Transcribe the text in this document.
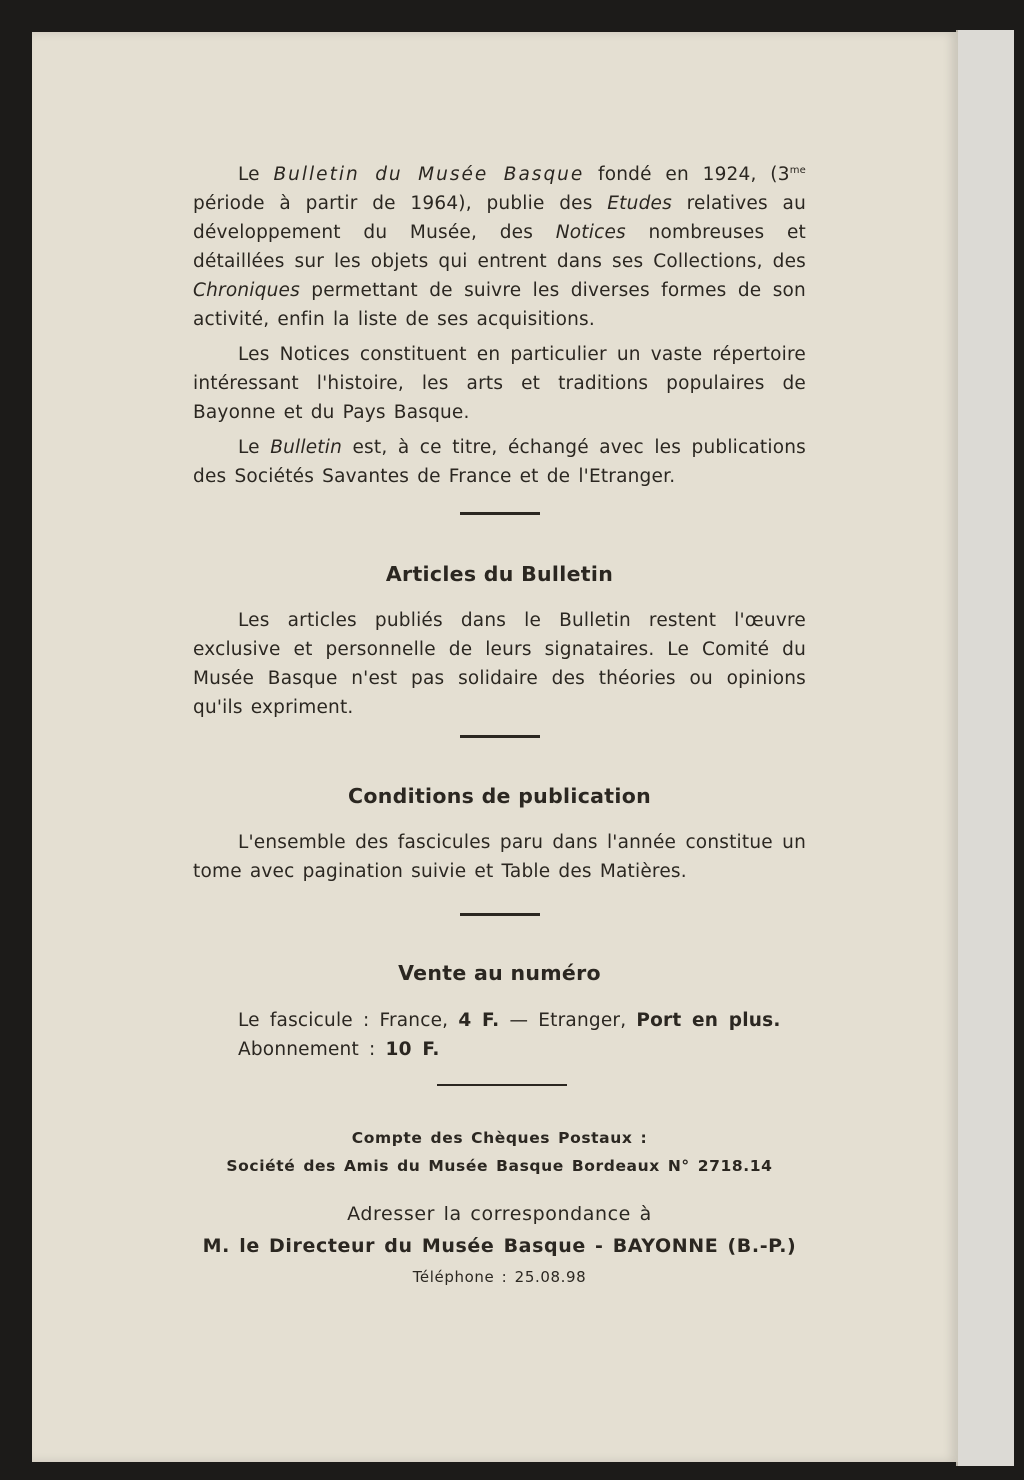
Le Bulletin du Musée Basque fondé en 1924, ($3^{me}$ période à partir de 1964), publie des Etudes relatives au développement du Musée, des Notices nombreuses et détaillées sur les objets qui entrent dans ses Collections, des Chroniques permettant de suivre les diverses formes de son activité, enfin la liste de ses acquisitions.

Les Notices constituent en particulier un vaste répertoire intéressant l'histoire, les arts et traditions populaires de Bayonne et du Pays Basque.

Le Bulletin est, à ce titre, échangé avec les publications des Sociétés Savantes de France et de l'Etranger.

Articles du Bulletin

Les articles publiés dans le Bulletin restent l'œuvre exclusive et personnelle de leurs signataires. Le Comité du Musée Basque n'est pas solidaire des théories ou opinions qu'ils expriment.

Conditions de publication

L'ensemble des fascicules paru dans l'année constitue un tome avec pagination suivie et Table des Matières.

Vente au numéro
Le fascicule : France, 4 F. — Etranger, Port en plus.
Abonnement : 10 F.
Compte des Chèques Postaux :
Société des Amis du Musée Basque Bordeaux N° 2718.14
Adresser la correspondance à
M. le Directeur du Musée Basque - BAYONNE (B.-P.)
Téléphone : 25.08.98
